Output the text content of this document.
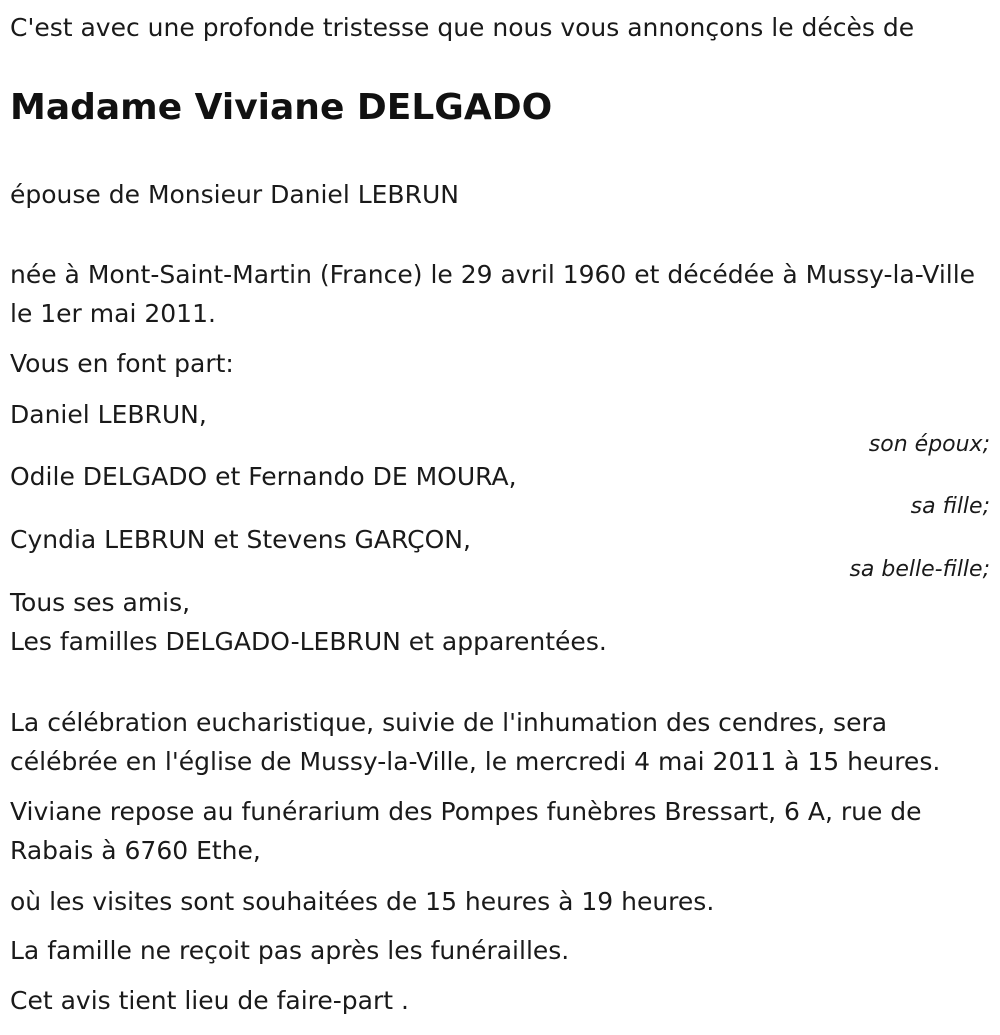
C'est avec une profonde tristesse que nous vous annonçons le décès de

Madame Viviane DELGADO

épouse de Monsieur Daniel LEBRUN

née à Mont-Saint-Martin (France) le 29 avril 1960 et décédée à Mussy-la-Ville le 1er mai 2011.

Vous en font part:

Daniel LEBRUN,
son époux;
Odile DELGADO et Fernando DE MOURA,
sa fille;
Cyndia LEBRUN et Stevens GARÇON,
sa belle-fille;

Tous ses amis,

Les familles DELGADO-LEBRUN et apparentées.

La célébration eucharistique, suivie de l'inhumation des cendres, sera célébrée en l'église de Mussy-la-Ville, le mercredi 4 mai 2011 à 15 heures.

Viviane repose au funérarium des Pompes funèbres Bressart, 6 A, rue de Rabais à 6760 Ethe,

où les visites sont souhaitées de 15 heures à 19 heures.

La famille ne reçoit pas après les funérailles.

Cet avis tient lieu de faire-part .
